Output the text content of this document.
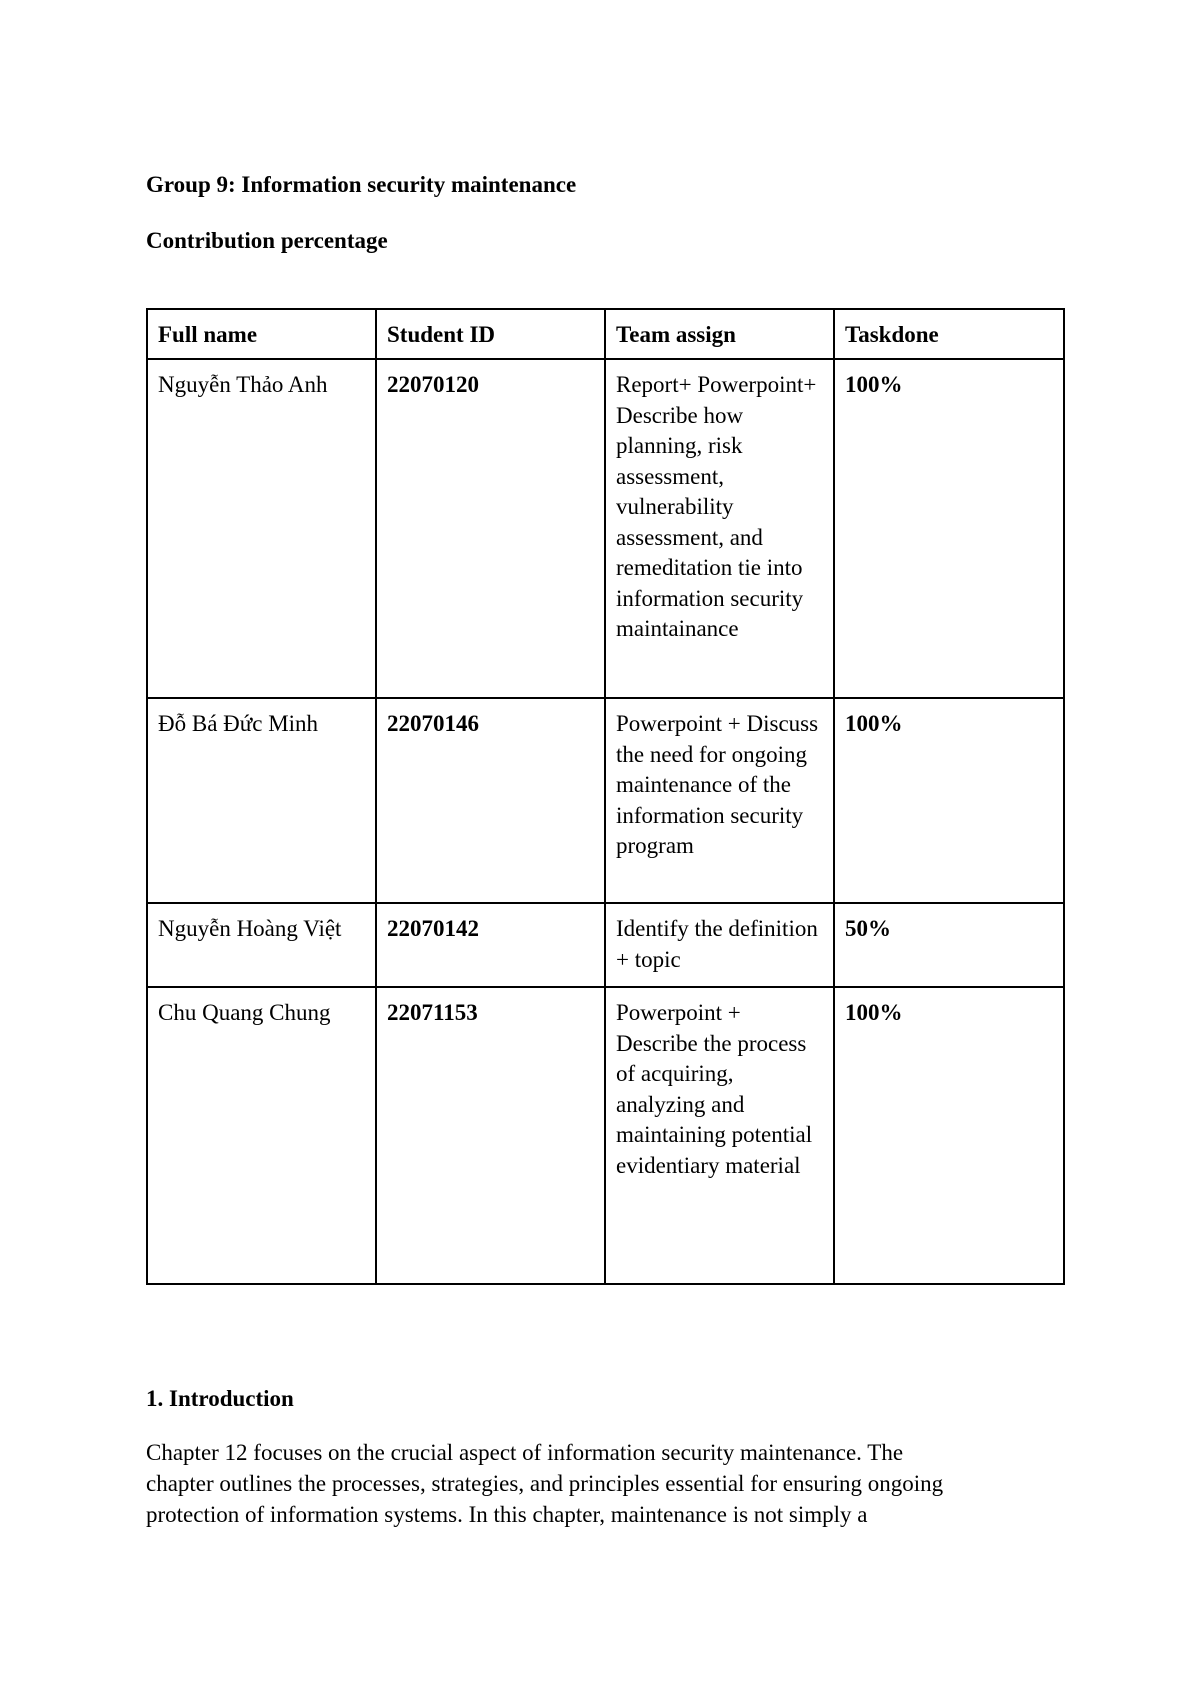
Group 9: Information security maintenance
Contribution percentage
Full name	Student ID	Team assign	Taskdone
Nguyễn Thảo Anh	22070120	Report+ Powerpoint+ Describe how planning, risk assessment, vulnerability assessment, and remeditation tie into information security maintainance	100%
Đỗ Bá Đức Minh	22070146	Powerpoint + Discuss the need for ongoing maintenance of the information security program	100%
Nguyễn Hoàng Việt	22070142	Identify the definition + topic	50%
Chu Quang Chung	22071153	Powerpoint + Describe the process of acquiring, analyzing and maintaining potential evidentiary material	100%
1. Introduction

Chapter 12 focuses on the crucial aspect of information security maintenance. The
chapter outlines the processes, strategies, and principles essential for ensuring ongoing
protection of information systems. In this chapter, maintenance is not simply a
